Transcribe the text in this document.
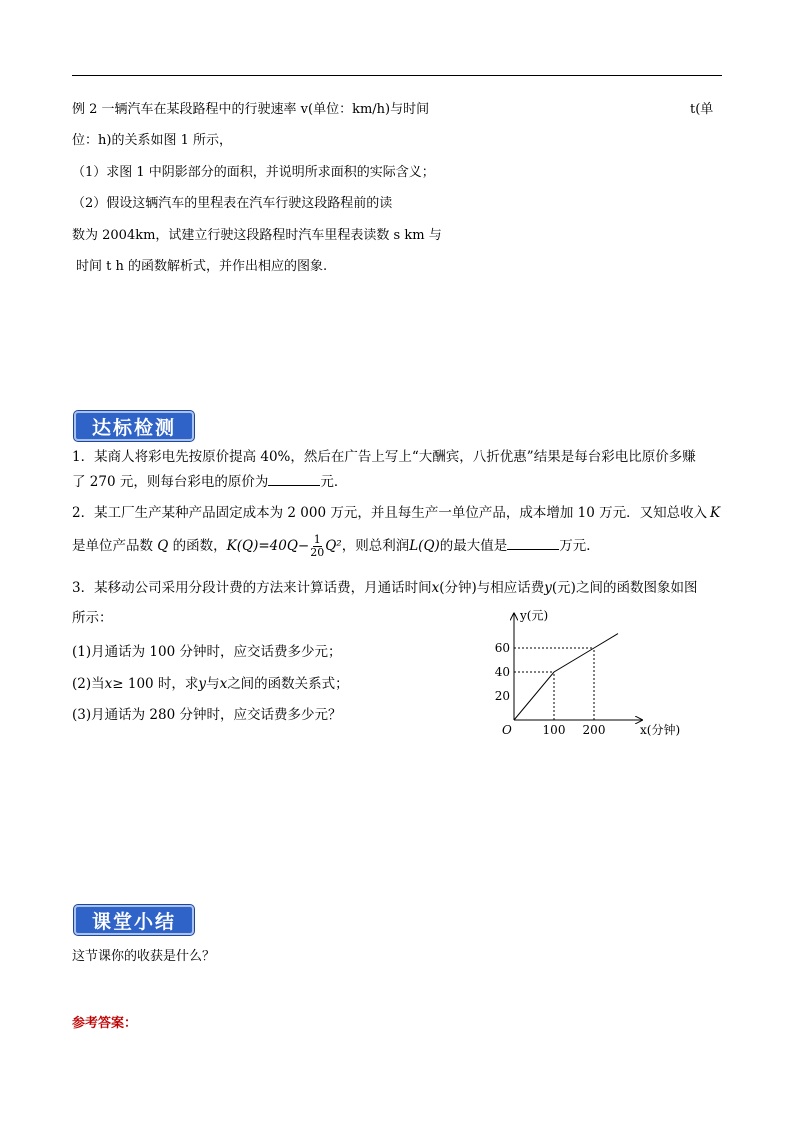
例 2 一辆汽车在某段路程中的行驶速率 v(单位：km/h)与时间	t(单
位：h)的关系如图 1 所示，
（1）求图 1 中阴影部分的面积，并说明所求面积的实际含义；
（2）假设这辆汽车的里程表在汽车行驶这段路程前的读
数为 2004km，试建立行驶这段路程时汽车里程表读数 s km 与
时间 t h 的函数解析式，并作出相应的图象.
达标检测
1．某商人将彩电先按原价提高 40%，然后在广告上写上“大酬宾，八折优惠”结果是每台彩电比原价多赚
了 270 元，则每台彩电的原价为	元．
2．某工厂生产某种产品固定成本为 2 000 万元，并且每生产一单位产品，成本增加 10 万元．又知总收入 K
是单位产品数 Q 的函数，$K(Q)=40Q- \frac{1}{20} Q^2$，则总利润L(Q)的最大值是	万元．
3．某移动公司采用分段计费的方法来计算话费，月通话时间x(分钟)与相应话费y(元)之间的函数图象如图
所示：
(1)月通话为 100 分钟时，应交话费多少元；
(2)当x≥ 100 时，求y与x之间的函数关系式；
(3)月通话为 280 分钟时，应交话费多少元？
100 200
20
40
60
y(元)
x(分钟)
O
课堂小结
这节课你的收获是什么？
参考答案：
